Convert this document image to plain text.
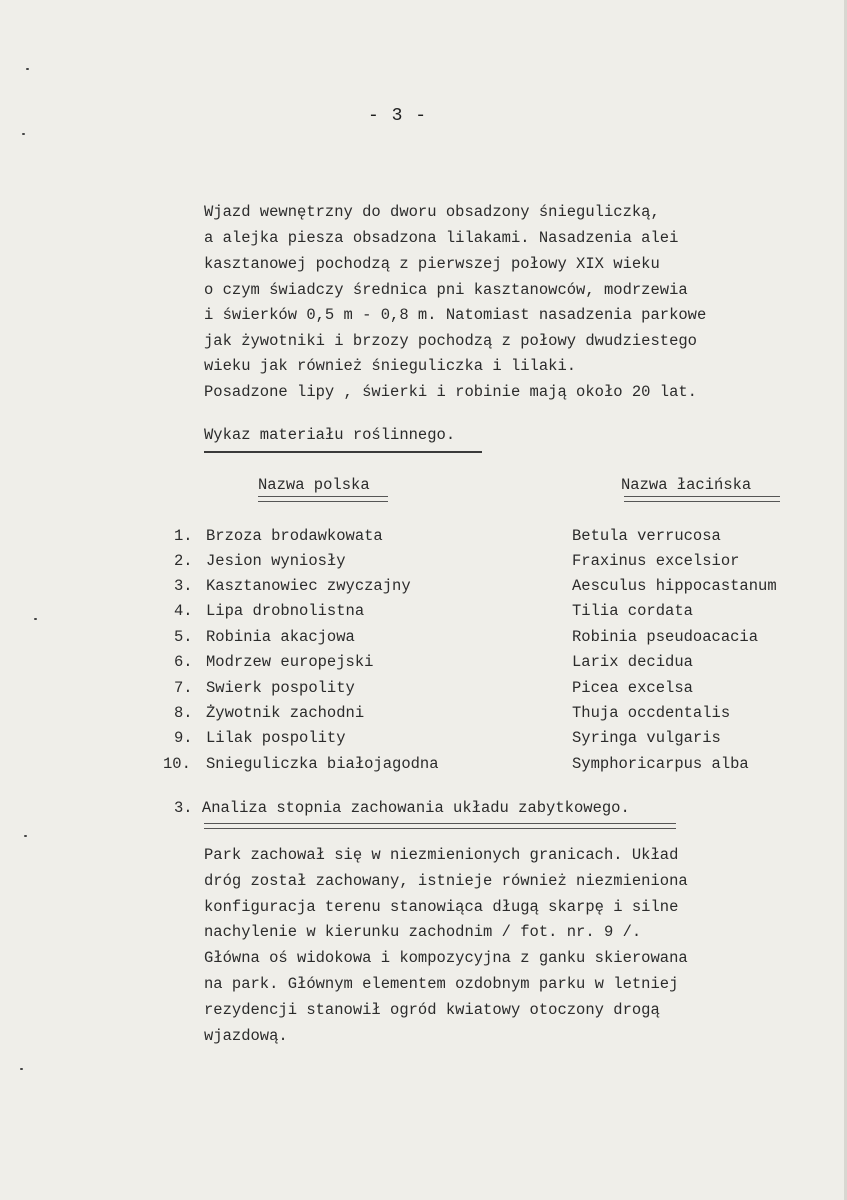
- 3 -
Wjazd wewnętrzny do dworu obsadzony śnieguliczką,
a alejka piesza obsadzona lilakami. Nasadzenia alei
kasztanowej pochodzą z pierwszej połowy XIX wieku
o czym świadczy średnica pni kasztanowców, modrzewia
i świerków 0,5 m - 0,8 m. Natomiast nasadzenia parkowe
jak żywotniki i brzozy pochodzą z połowy dwudziestego
wieku jak również śnieguliczka i lilaki.
Posadzone lipy , świerki i robinie mają około 20 lat.
Wykaz materiału roślinnego.
Nazwa polska	Nazwa łacińska
1. Brzoza brodawkowata	Betula verrucosa
2. Jesion wyniosły	Fraxinus excelsior
3. Kasztanowiec zwyczajny	Aesculus hippocastanum
4. Lipa drobnolistna	Tilia cordata
5. Robinia akacjowa	Robinia pseudoacacia
6. Modrzew europejski	Larix decidua
7. Swierk pospolity	Picea excelsa
8. Żywotnik zachodni	Thuja occdentalis
9. Lilak pospolity	Syringa vulgaris
10. Snieguliczka białojagodna	Symphoricarpus alba
3. Analiza stopnia zachowania układu zabytkowego.
Park zachował się w niezmienionych granicach. Układ
dróg został zachowany, istnieje również niezmieniona
konfiguracja terenu stanowiąca długą skarpę i silne
nachylenie w kierunku zachodnim / fot. nr. 9 /.
Główna oś widokowa i kompozycyjna z ganku skierowana
na park. Głównym elementem ozdobnym parku w letniej
rezydencji stanowił ogród kwiatowy otoczony drogą
wjazdową.
